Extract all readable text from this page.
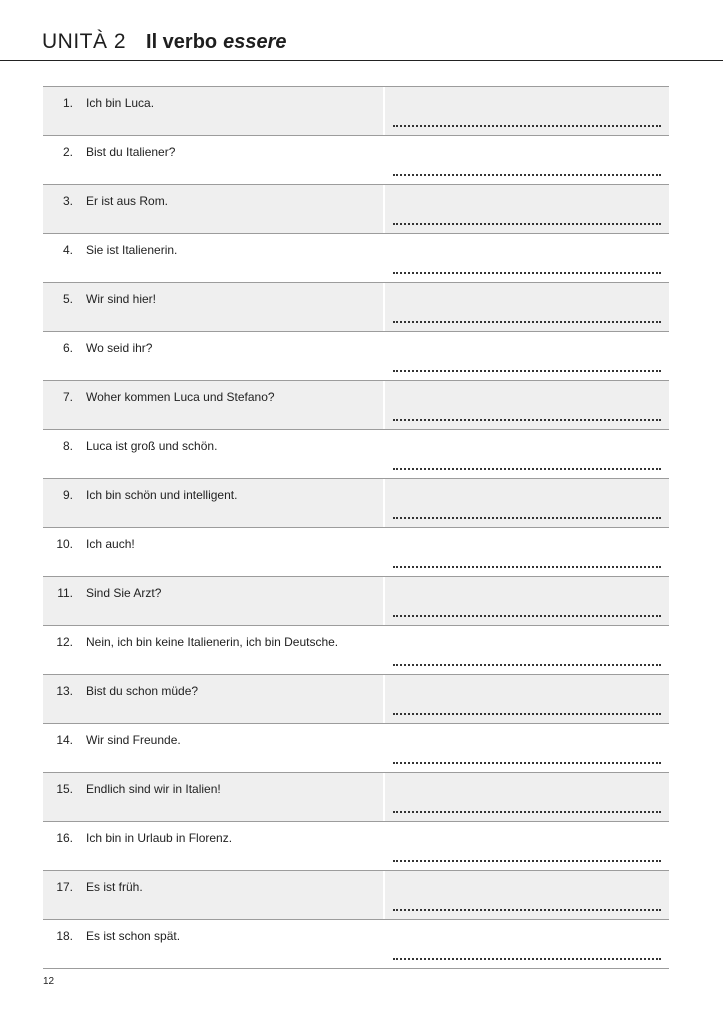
UNITÀ 2 Il verbo essere
1. Ich bin Luca.
2. Bist du Italiener?
3. Er ist aus Rom.
4. Sie ist Italienerin.
5. Wir sind hier!
6. Wo seid ihr?
7. Woher kommen Luca und Stefano?
8. Luca ist groß und schön.
9. Ich bin schön und intelligent.
10. Ich auch!
11. Sind Sie Arzt?
12. Nein, ich bin keine Italienerin, ich bin Deutsche.
13. Bist du schon müde?
14. Wir sind Freunde.
15. Endlich sind wir in Italien!
16. Ich bin in Urlaub in Florenz.
17. Es ist früh.
18. Es ist schon spät.
12
